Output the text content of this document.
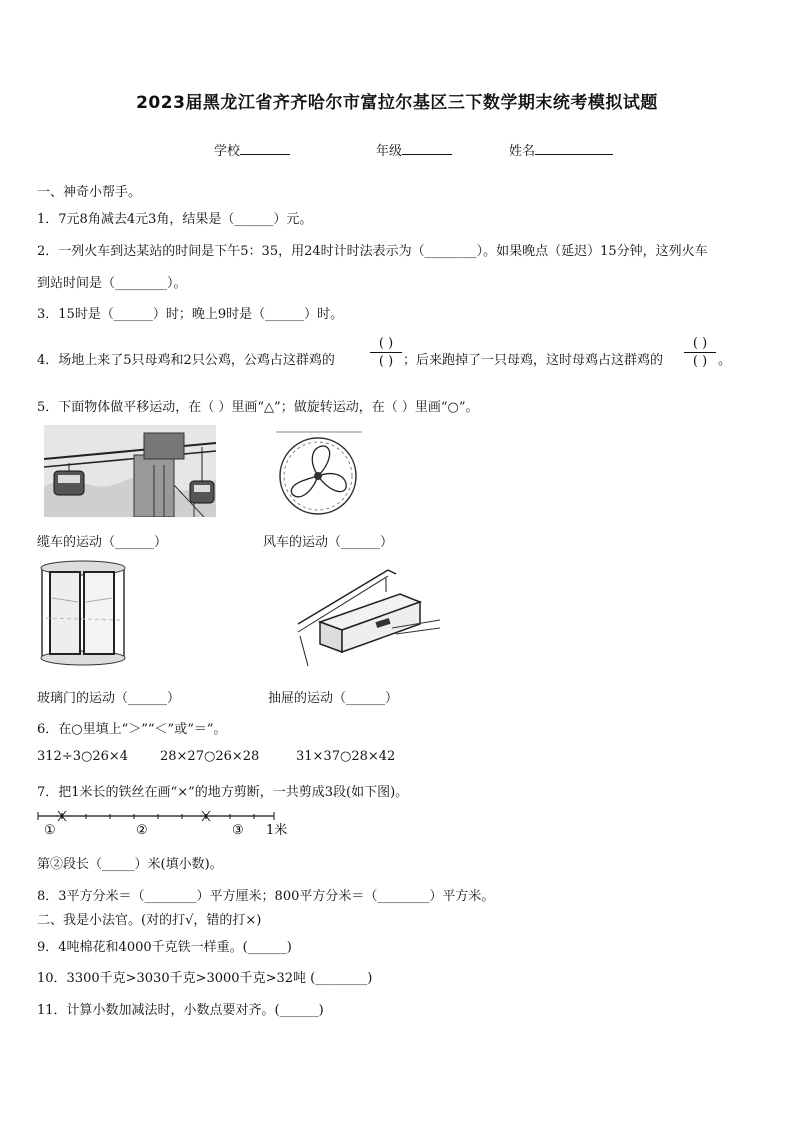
2023届黑龙江省齐齐哈尔市富拉尔基区三下数学期末统考模拟试题
学校	年级	姓名
一、神奇小帮手。
1．7元8角减去4元3角，结果是（______）元。
2．一列火车到达某站的时间是下午5：35，用24时计时法表示为（________）。如果晚点（延迟）15分钟，这列火车
到站时间是（________）。
3．15时是（______）时；晚上9时是（______）时。
4．场地上来了5只母鸡和2只公鸡，公鸡占这群鸡的
( )
( ) ；后来跑掉了一只母鸡，这时母鸡占这群鸡的
( )
( ) 。
5．下面物体做平移运动，在（ ）里画“△”；做旋转运动，在（ ）里画“○”。
缆车的运动（______）	风车的运动（______）
玻璃门的运动（______）	抽屉的运动（______）
6．在○里填上“＞”“＜”或“＝”。
312÷3○26×4 28×27○26×28	31×37○28×42
7．把1米长的铁丝在画“×”的地方剪断，一共剪成3段(如下图)。
①	②	③ 1米
第②段长（_____）米(填小数)。
8．3平方分米＝（________）平方厘米；800平方分米＝（________）平方米。
二、我是小法官。(对的打√，错的打×)
9．4吨棉花和4000千克铁一样重。(______)
10．3300千克>3030千克>3000千克>32吨 (________)
11．计算小数加减法时，小数点要对齐。(______)
